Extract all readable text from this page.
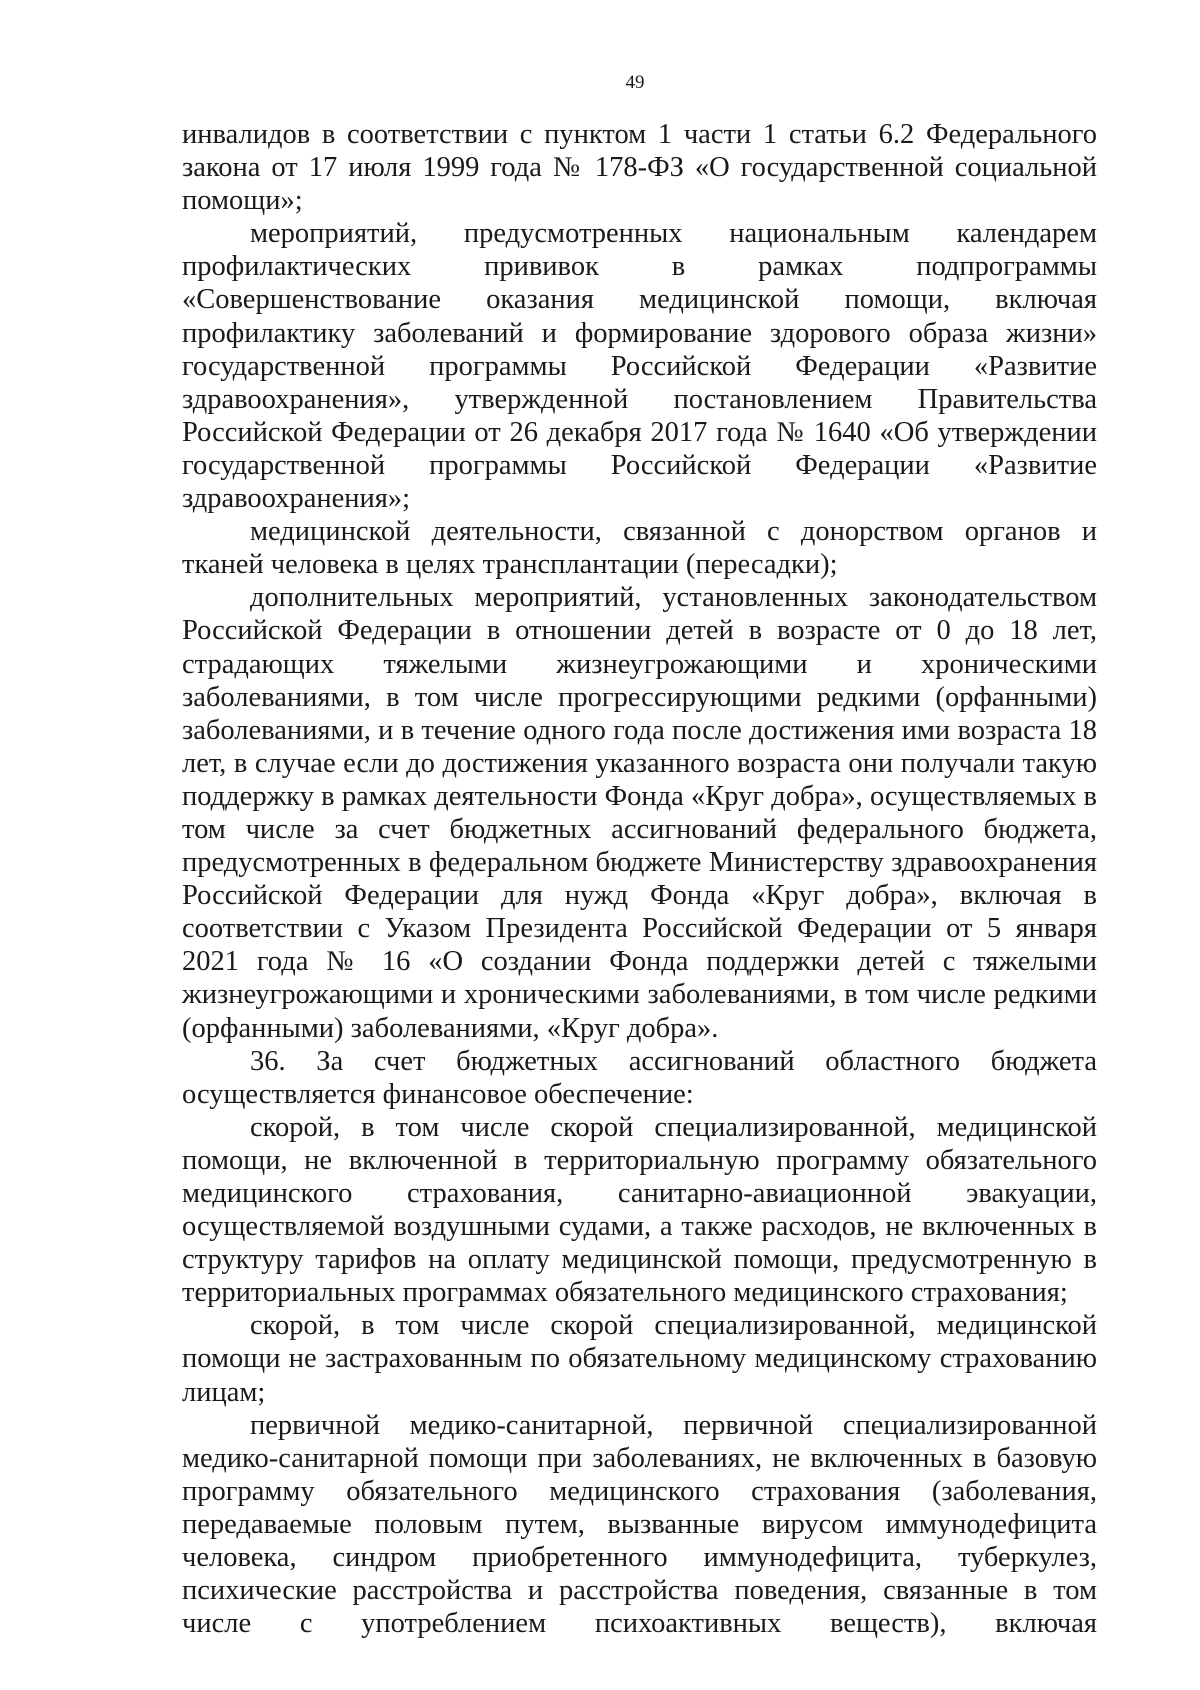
49

инвалидов в соответствии с пунктом 1 части 1 статьи 6.2 Федерального закона от 17 июля 1999 года № 178-ФЗ «О государственной социальной помощи»;

мероприятий, предусмотренных национальным календарем профилактических прививок в рамках подпрограммы «Совершенствование оказания медицинской помощи, включая профилактику заболеваний и формирование здорового образа жизни» государственной программы Российской Федерации «Развитие здравоохранения», утвержденной постановлением Правительства Российской Федерации от 26 декабря 2017 года № 1640 «Об утверждении государственной программы Российской Федерации «Развитие здравоохранения»;

медицинской деятельности, связанной с донорством органов и тканей человека в целях трансплантации (пересадки);

дополнительных мероприятий, установленных законодательством Российской Федерации в отношении детей в возрасте от 0 до 18 лет, страдающих тяжелыми жизнеугрожающими и хроническими заболеваниями, в том числе прогрессирующими редкими (орфанными) заболеваниями, и в течение одного года после достижения ими возраста 18 лет, в случае если до достижения указанного возраста они получали такую поддержку в рамках деятельности Фонда «Круг добра», осуществляемых в том числе за счет бюджетных ассигнований федерального бюджета, предусмотренных в федеральном бюджете Министерству здравоохранения Российской Федерации для нужд Фонда «Круг добра», включая в соответствии с Указом Президента Российской Федерации от 5 января 2021 года № 16 «О создании Фонда поддержки детей с тяжелыми жизнеугрожающими и хроническими заболеваниями, в том числе редкими (орфанными) заболеваниями, «Круг добра».

36. За счет бюджетных ассигнований областного бюджета осуществляется финансовое обеспечение:

скорой, в том числе скорой специализированной, медицинской помощи, не включенной в территориальную программу обязательного медицинского страхования, санитарно-авиационной эвакуации, осуществляемой воздушными судами, а также расходов, не включенных в структуру тарифов на оплату медицинской помощи, предусмотренную в территориальных программах обязательного медицинского страхования;

скорой, в том числе скорой специализированной, медицинской помощи не застрахованным по обязательному медицинскому страхованию лицам;

первичной медико-санитарной, первичной специализированной медико-санитарной помощи при заболеваниях, не включенных в базовую программу обязательного медицинского страхования (заболевания, передаваемые половым путем, вызванные вирусом иммунодефицита человека, синдром приобретенного иммунодефицита, туберкулез, психические расстройства и расстройства поведения, связанные в том числе с употреблением психоактивных веществ), включая
